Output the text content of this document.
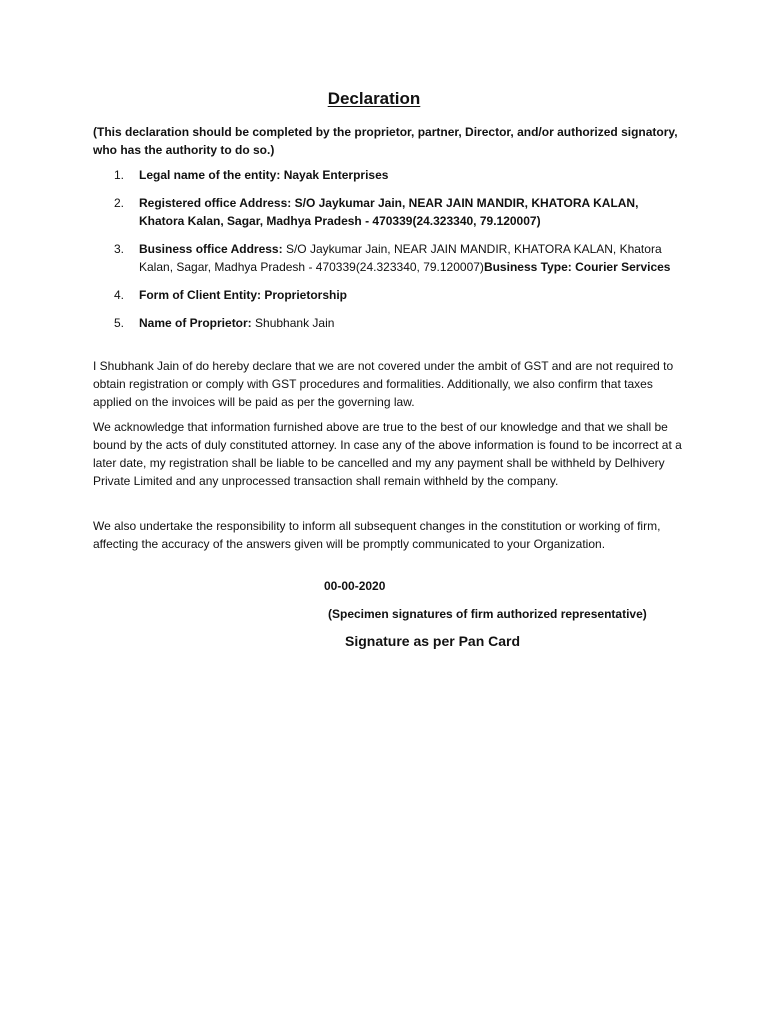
Declaration
(This declaration should be completed by the proprietor, partner, Director, and/or authorized signatory, who has the authority to do so.)
1. Legal name of the entity: Nayak Enterprises
2. Registered office Address: S/O Jaykumar Jain, NEAR JAIN MANDIR, KHATORA KALAN, Khatora Kalan, Sagar, Madhya Pradesh - 470339(24.323340, 79.120007)
3. Business office Address: S/O Jaykumar Jain, NEAR JAIN MANDIR, KHATORA KALAN, Khatora Kalan, Sagar, Madhya Pradesh - 470339(24.323340, 79.120007)Business Type: Courier Services
4. Form of Client Entity: Proprietorship
5. Name of Proprietor: Shubhank Jain
I Shubhank Jain of do hereby declare that we are not covered under the ambit of GST and are not required to obtain registration or comply with GST procedures and formalities. Additionally, we also confirm that taxes applied on the invoices will be paid as per the governing law.
We acknowledge that information furnished above are true to the best of our knowledge and that we shall be bound by the acts of duly constituted attorney. In case any of the above information is found to be incorrect at a later date, my registration shall be liable to be cancelled and my any payment shall be withheld by Delhivery Private Limited and any unprocessed transaction shall remain withheld by the company.
We also undertake the responsibility to inform all subsequent changes in the constitution or working of firm, affecting the accuracy of the answers given will be promptly communicated to your Organization.
00-00-2020
(Specimen signatures of firm authorized representative)
Signature as per Pan Card
